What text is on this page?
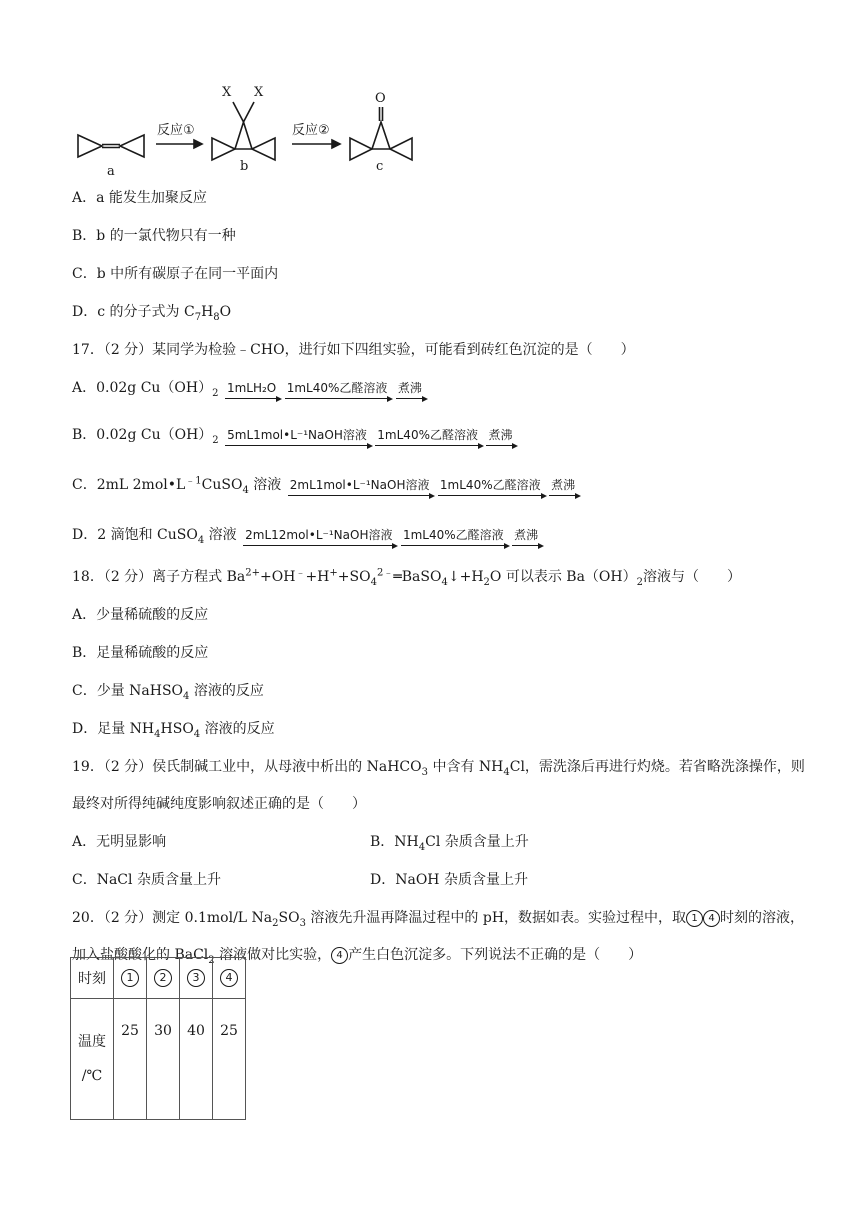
X X	O
a	b	c
反应①	反应②
A．a 能发生加聚反应
B．b 的一氯代物只有一种
C．b 中所有碳原子在同一平面内
D．c 的分子式为 $C_7H_8O$
17．（2 分）某同学为检验﹣CHO，进行如下四组实验，可能看到砖红色沉淀的是（　　）
A．0.02g $Cu(OH)_2$ 1mLH₂O 1mL40%乙醛溶液 煮沸
B．0.02g $Cu(OH)_2$ 5mL1mol•L⁻¹NaOH溶液 1mL40%乙醛溶液 煮沸
C．2mL $2mol•L^{﹣1}CuSO_4$ 溶液 2mL1mol•L⁻¹NaOH溶液 1mL40%乙醛溶液 煮沸
D．2 滴饱和 CuSO$_4$ 溶液 2mL12mol•L⁻¹NaOH溶液 1mL40%乙醛溶液 煮沸
18．（2 分）离子方程式 $Ba^{2+}+OH^﹣+H^++SO_4^{2﹣}═BaSO_4↓+H_2O$ 可以表示 $Ba(OH)_2$溶液与（　　）
A．少量稀硫酸的反应
B．足量稀硫酸的反应
C．少量 NaHSO$_4$ 溶液的反应
D．足量 $NH_4HSO_4$ 溶液的反应
19．（2 分）侯氏制碱工业中，从母液中析出的 NaHCO$_3$ 中含有 $NH_4Cl$，需洗涤后再进行灼烧。若省略洗涤操作，则
最终对所得纯碱纯度影响叙述正确的是（　　）
A．无明显影响	B．$NH_4Cl$ 杂质含量上升
C．NaCl 杂质含量上升	D．NaOH 杂质含量上升
20．（2 分）测定 0.1mol/L $Na_2SO_3$ 溶液先升温再降温过程中的 pH，数据如表。实验过程中，取 1 4 时刻的溶液，
加入盐酸酸化的 BaCl$_2$ 溶液做对比实验， 4 产生白色沉淀多。下列说法不正确的是（　　）
时刻	1	2	3	4

温度
/℃	25	30	40	25
